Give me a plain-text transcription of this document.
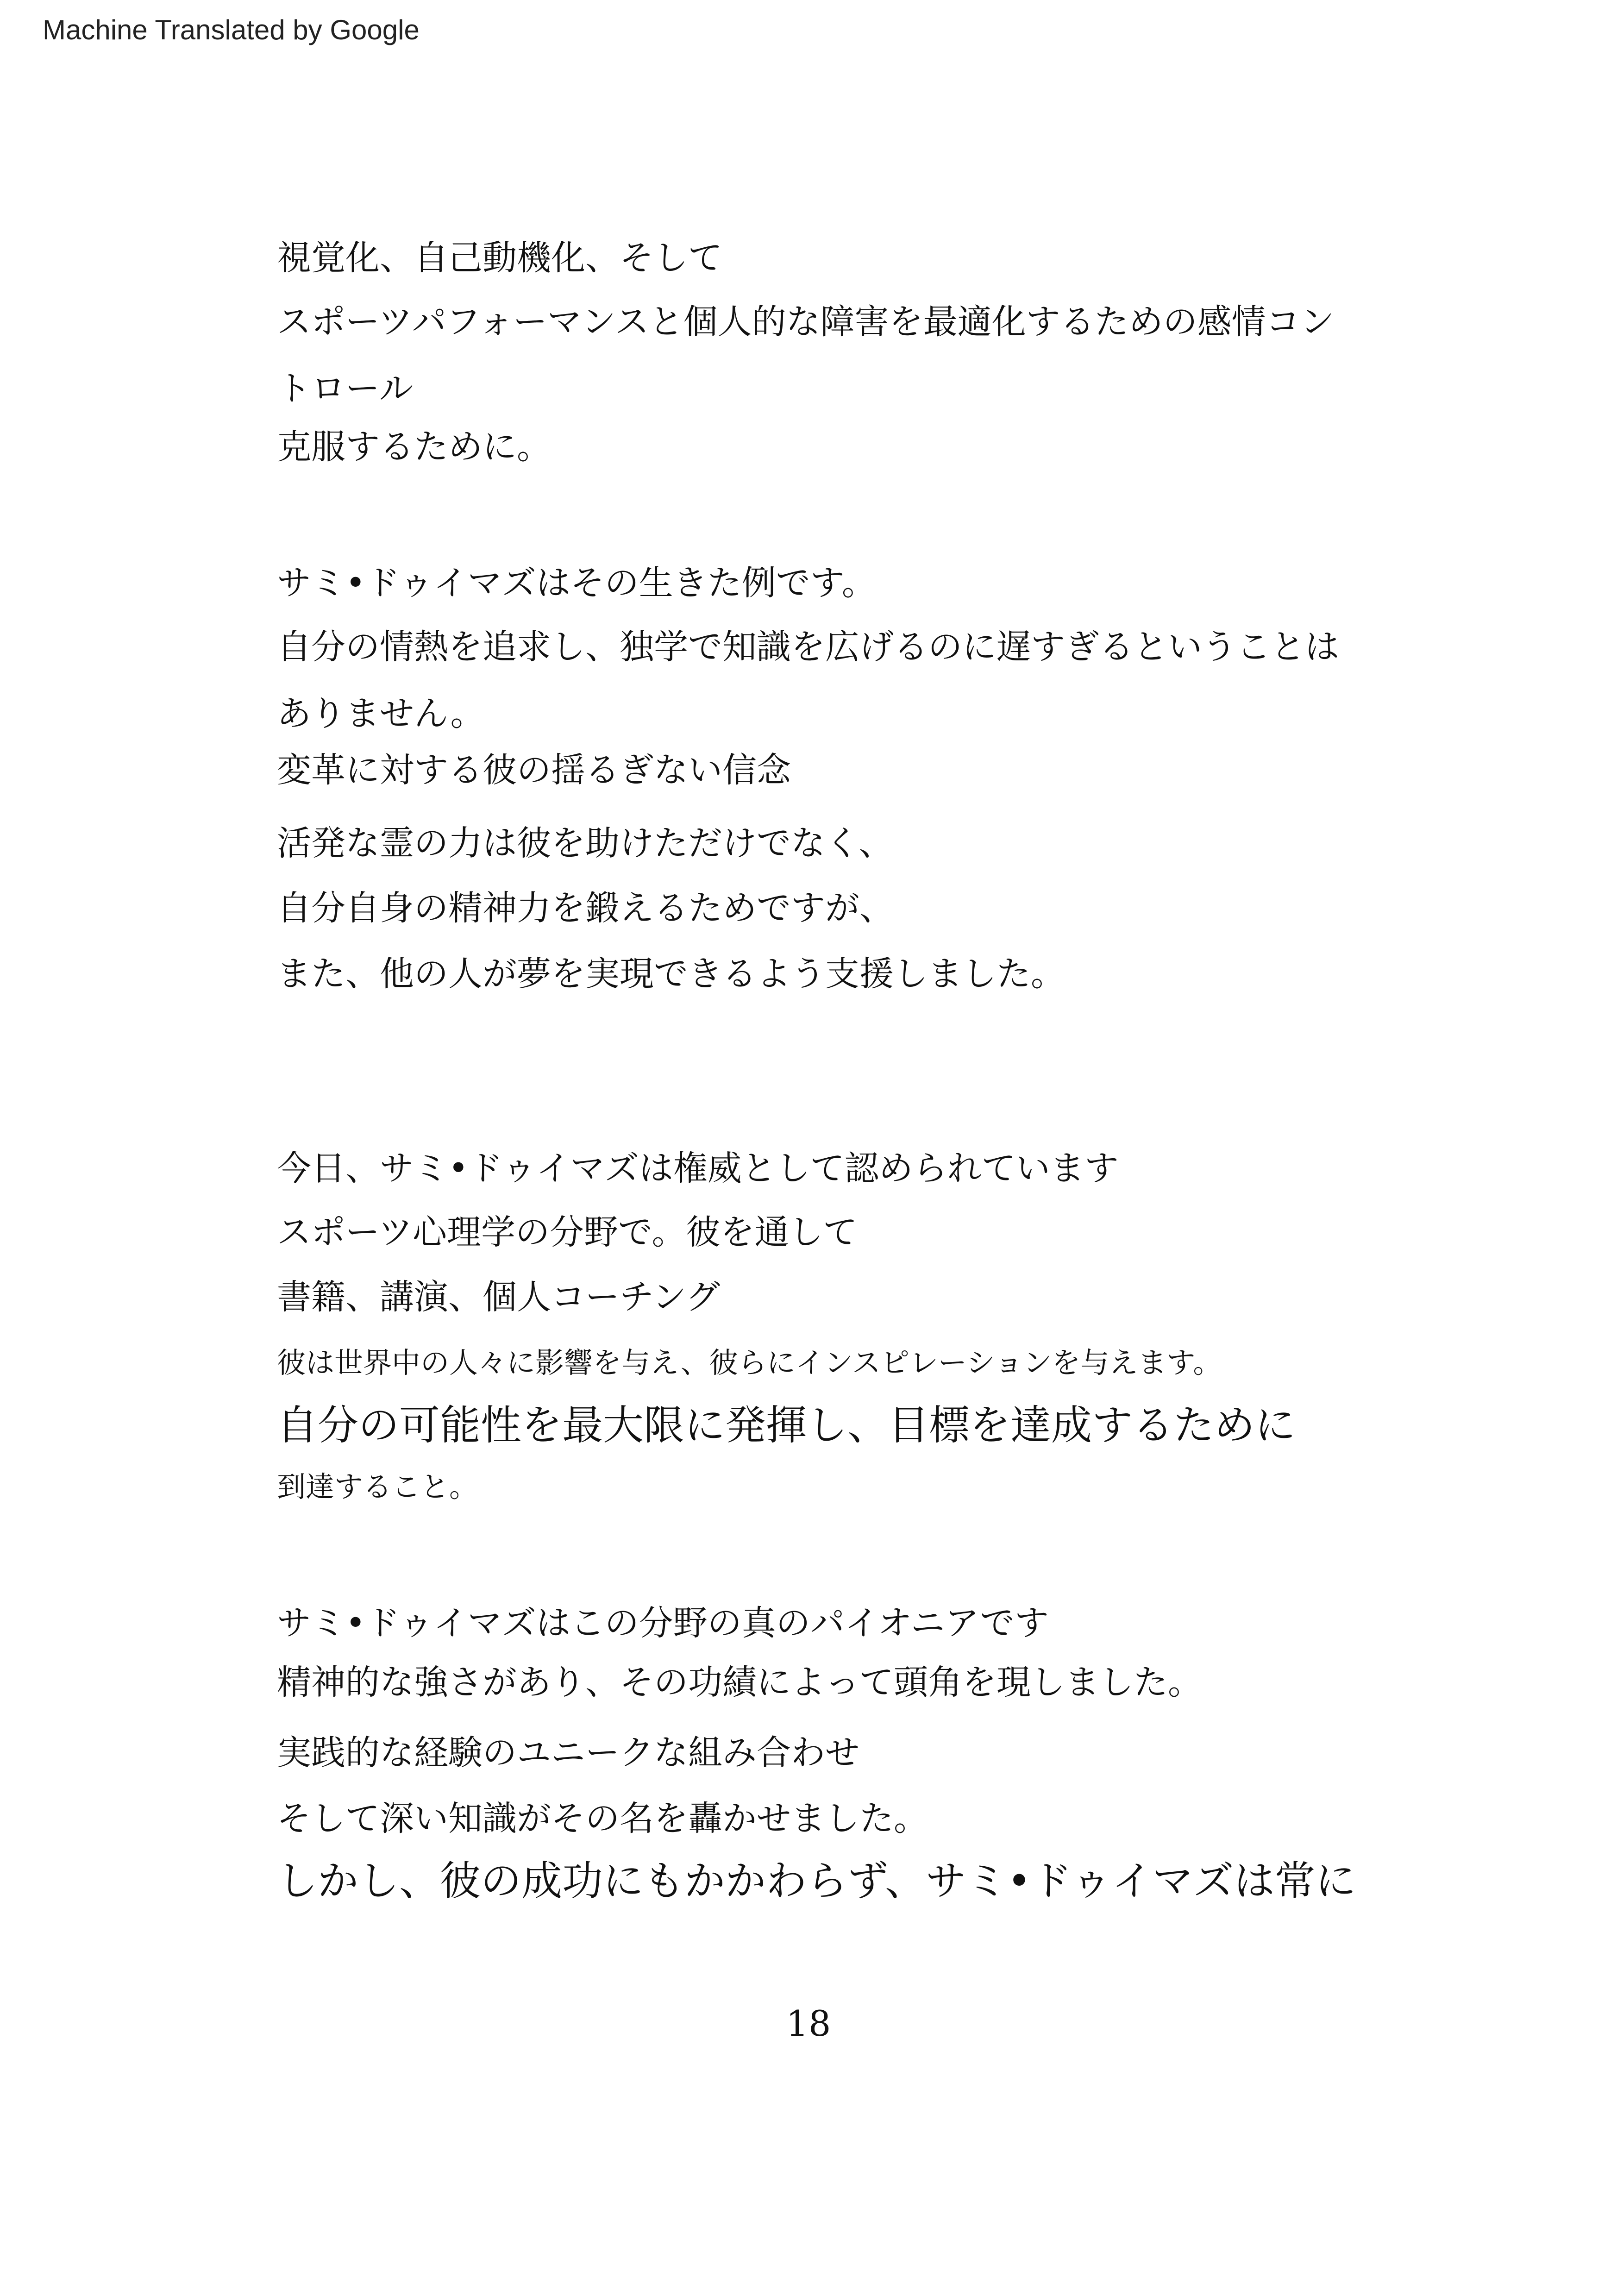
Machine Translated by Google
視覚化、自己動機化、そして
スポーツパフォーマンスと個人的な障害を最適化するための感情コン
トロール
克服するために。
サミ•ドゥイマズはその生きた例です。
自分の情熱を追求し、独学で知識を広げるのに遅すぎるということは
ありません。
変革に対する彼の揺るぎない信念
活発な霊の力は彼を助けただけでなく、
自分自身の精神力を鍛えるためですが、
また、他の人が夢を実現できるよう支援しました。
今日、サミ•ドゥイマズは権威として認められています
スポーツ心理学の分野で。彼を通して
書籍、講演、個人コーチング
彼は世界中の人々に影響を与え、彼らにインスピレーションを与えます。
自分の可能性を最大限に発揮し、目標を達成するために
到達すること。
サミ•ドゥイマズはこの分野の真のパイオニアです
精神的な強さがあり、その功績によって頭角を現しました。
実践的な経験のユニークな組み合わせ
そして深い知識がその名を轟かせました。
しかし、彼の成功にもかかわらず、サミ•ドゥイマズは常に
18
